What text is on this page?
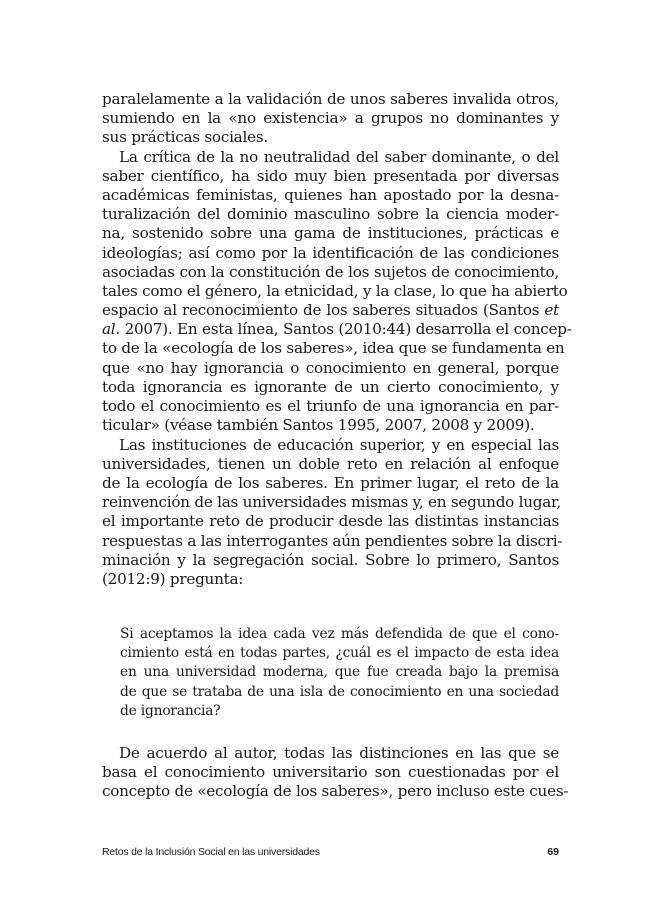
paralelamente a la validación de unos saberes invalida otros,
sumiendo en la «no existencia» a grupos no dominantes y
sus prácticas sociales.
La crítica de la no neutralidad del saber dominante, o del
saber científico, ha sido muy bien presentada por diversas
académicas feministas, quienes han apostado por la desna-
turalización del dominio masculino sobre la ciencia moder-
na, sostenido sobre una gama de instituciones, prácticas e
ideologías; así como por la identificación de las condiciones
asociadas con la constitución de los sujetos de conocimiento,
tales como el género, la etnicidad, y la clase, lo que ha abierto
espacio al reconocimiento de los saberes situados (Santos et
al. 2007). En esta línea, Santos (2010:44) desarrolla el concep-
to de la «ecología de los saberes», idea que se fundamenta en
que «no hay ignorancia o conocimiento en general, porque
toda ignorancia es ignorante de un cierto conocimiento, y
todo el conocimiento es el triunfo de una ignorancia en par-
ticular» (véase también Santos 1995, 2007, 2008 y 2009).
Las instituciones de educación superior, y en especial las
universidades, tienen un doble reto en relación al enfoque
de la ecología de los saberes. En primer lugar, el reto de la
reinvención de las universidades mismas y, en segundo lugar,
el importante reto de producir desde las distintas instancias
respuestas a las interrogantes aún pendientes sobre la discri-
minación y la segregación social. Sobre lo primero, Santos
(2012:9) pregunta:
Si aceptamos la idea cada vez más defendida de que el cono-
cimiento está en todas partes, ¿cuál es el impacto de esta idea
en una universidad moderna, que fue creada bajo la premisa
de que se trataba de una isla de conocimiento en una sociedad
de ignorancia?
De acuerdo al autor, todas las distinciones en las que se
basa el conocimiento universitario son cuestionadas por el
concepto de «ecología de los saberes», pero incluso este cues-
Retos de la Inclusión Social en las universidades	69
